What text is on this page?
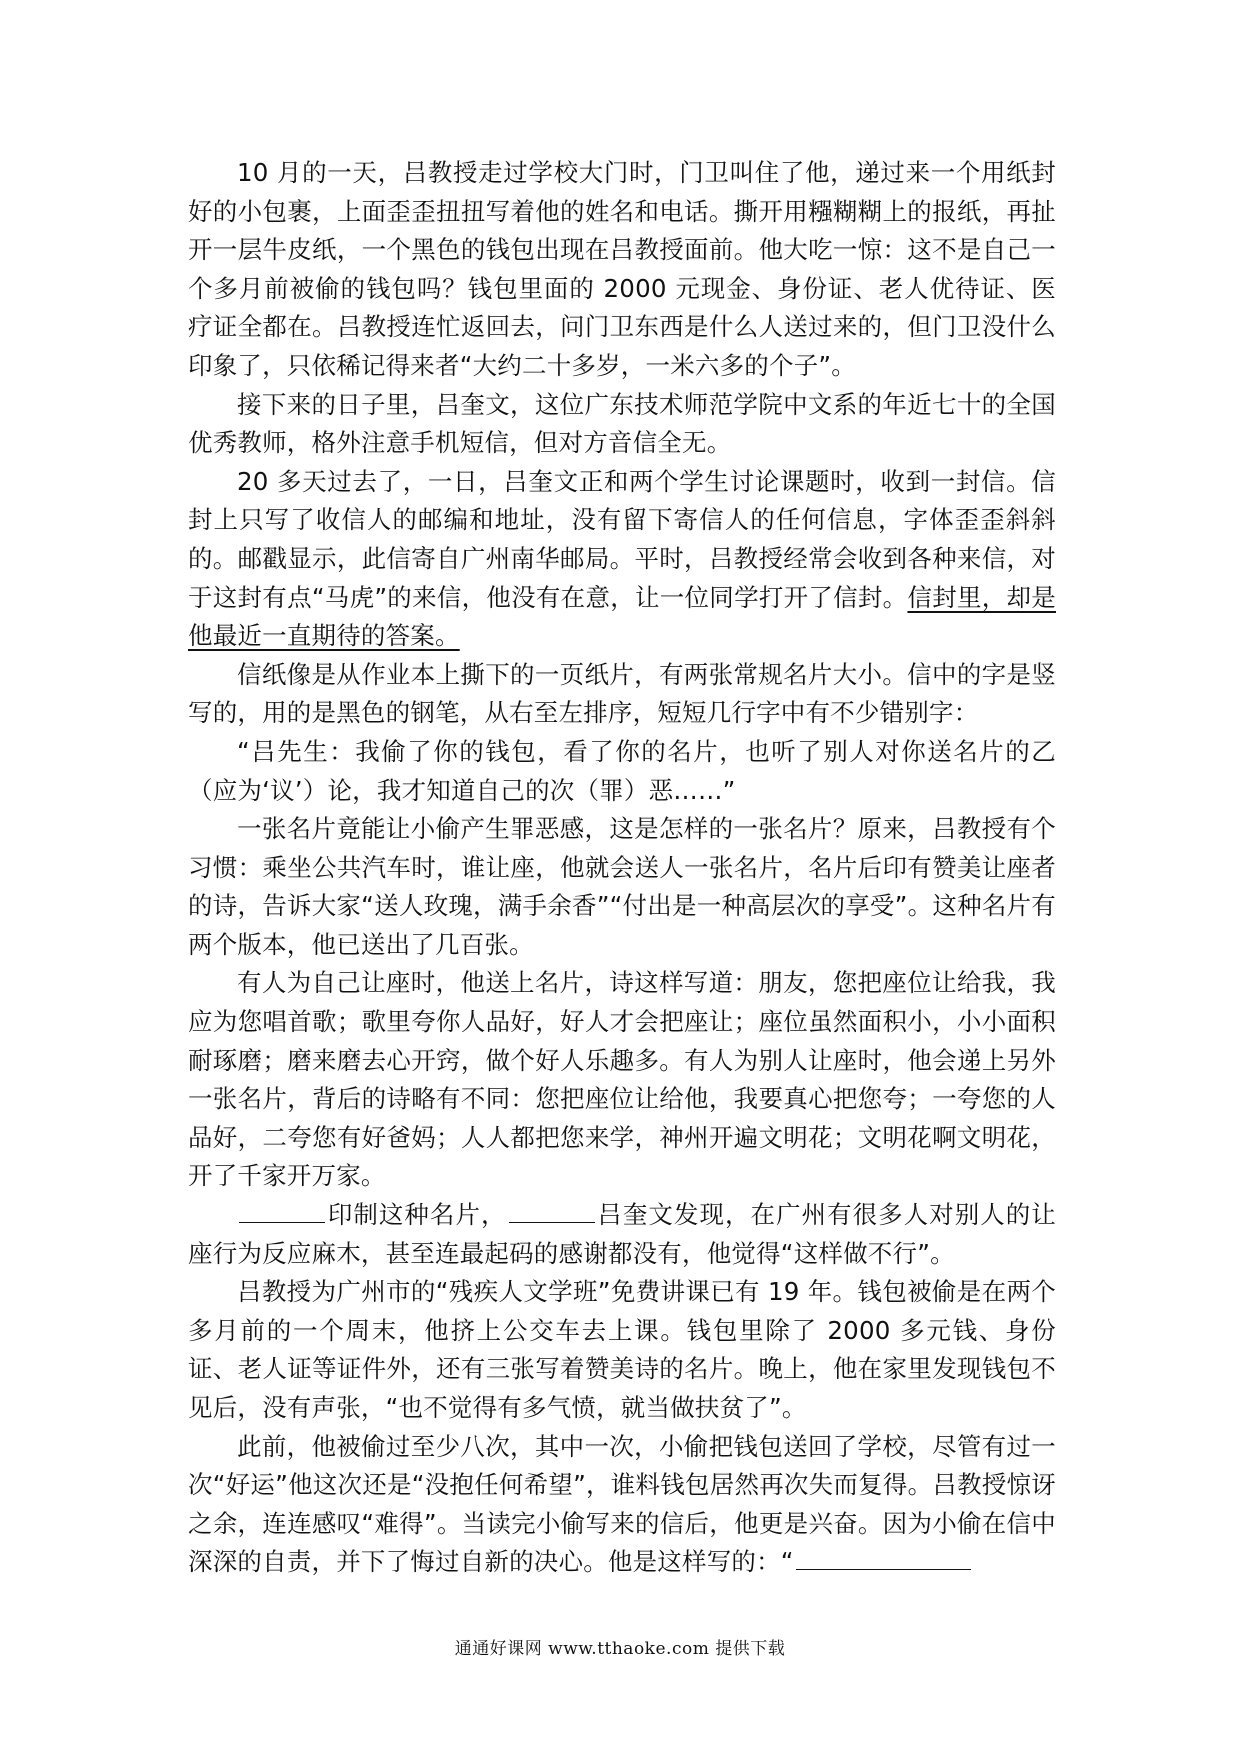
10 月的一天，吕教授走过学校大门时，门卫叫住了他，递过来一个用纸封好的小包裹，上面歪歪扭扭写着他的姓名和电话。撕开用糨糊糊上的报纸，再扯开一层牛皮纸，一个黑色的钱包出现在吕教授面前。他大吃一惊：这不是自己一个多月前被偷的钱包吗？钱包里面的 2000 元现金、身份证、老人优待证、医疗证全都在。吕教授连忙返回去，问门卫东西是什么人送过来的，但门卫没什么印象了，只依稀记得来者“大约二十多岁，一米六多的个子”。

接下来的日子里，吕奎文，这位广东技术师范学院中文系的年近七十的全国优秀教师，格外注意手机短信，但对方音信全无。

20 多天过去了，一日，吕奎文正和两个学生讨论课题时，收到一封信。信封上只写了收信人的邮编和地址，没有留下寄信人的任何信息，字体歪歪斜斜的。邮戳显示，此信寄自广州南华邮局。平时，吕教授经常会收到各种来信，对于这封有点“马虎”的来信，他没有在意，让一位同学打开了信封。信封里，却是他最近一直期待的答案。

信纸像是从作业本上撕下的一页纸片，有两张常规名片大小。信中的字是竖写的，用的是黑色的钢笔，从右至左排序，短短几行字中有不少错别字：

“吕先生：我偷了你的钱包，看了你的名片，也听了别人对你送名片的乙（应为‘议’）论，我才知道自己的次（罪）恶……”

一张名片竟能让小偷产生罪恶感，这是怎样的一张名片？原来，吕教授有个习惯：乘坐公共汽车时，谁让座，他就会送人一张名片，名片后印有赞美让座者的诗，告诉大家“送人玫瑰，满手余香”“付出是一种高层次的享受”。这种名片有两个版本，他已送出了几百张。

有人为自己让座时，他送上名片，诗这样写道：朋友，您把座位让给我，我应为您唱首歌；歌里夸你人品好，好人才会把座让；座位虽然面积小，小小面积耐琢磨；磨来磨去心开窍，做个好人乐趣多。有人为别人让座时，他会递上另外一张名片，背后的诗略有不同：您把座位让给他，我要真心把您夸；一夸您的人品好，二夸您有好爸妈；人人都把您来学，神州开遍文明花；文明花啊文明花，开了千家开万家。

印制这种名片，	吕奎文发现，在广州有很多人对别人的让座行为反应麻木，甚至连最起码的感谢都没有，他觉得“这样做不行”。

吕教授为广州市的“残疾人文学班”免费讲课已有 19 年。钱包被偷是在两个多月前的一个周末，他挤上公交车去上课。钱包里除了 2000 多元钱、身份证、老人证等证件外，还有三张写着赞美诗的名片。晚上，他在家里发现钱包不见后，没有声张，“也不觉得有多气愤，就当做扶贫了”。

此前，他被偷过至少八次，其中一次，小偷把钱包送回了学校，尽管有过一次“好运”他这次还是“没抱任何希望”，谁料钱包居然再次失而复得。吕教授惊讶之余，连连感叹“难得”。当读完小偷写来的信后，他更是兴奋。因为小偷在信中深深的自责，并下了悔过自新的决心。他是这样写的：“

通通好课网 www.tthaoke.com 提供下载
